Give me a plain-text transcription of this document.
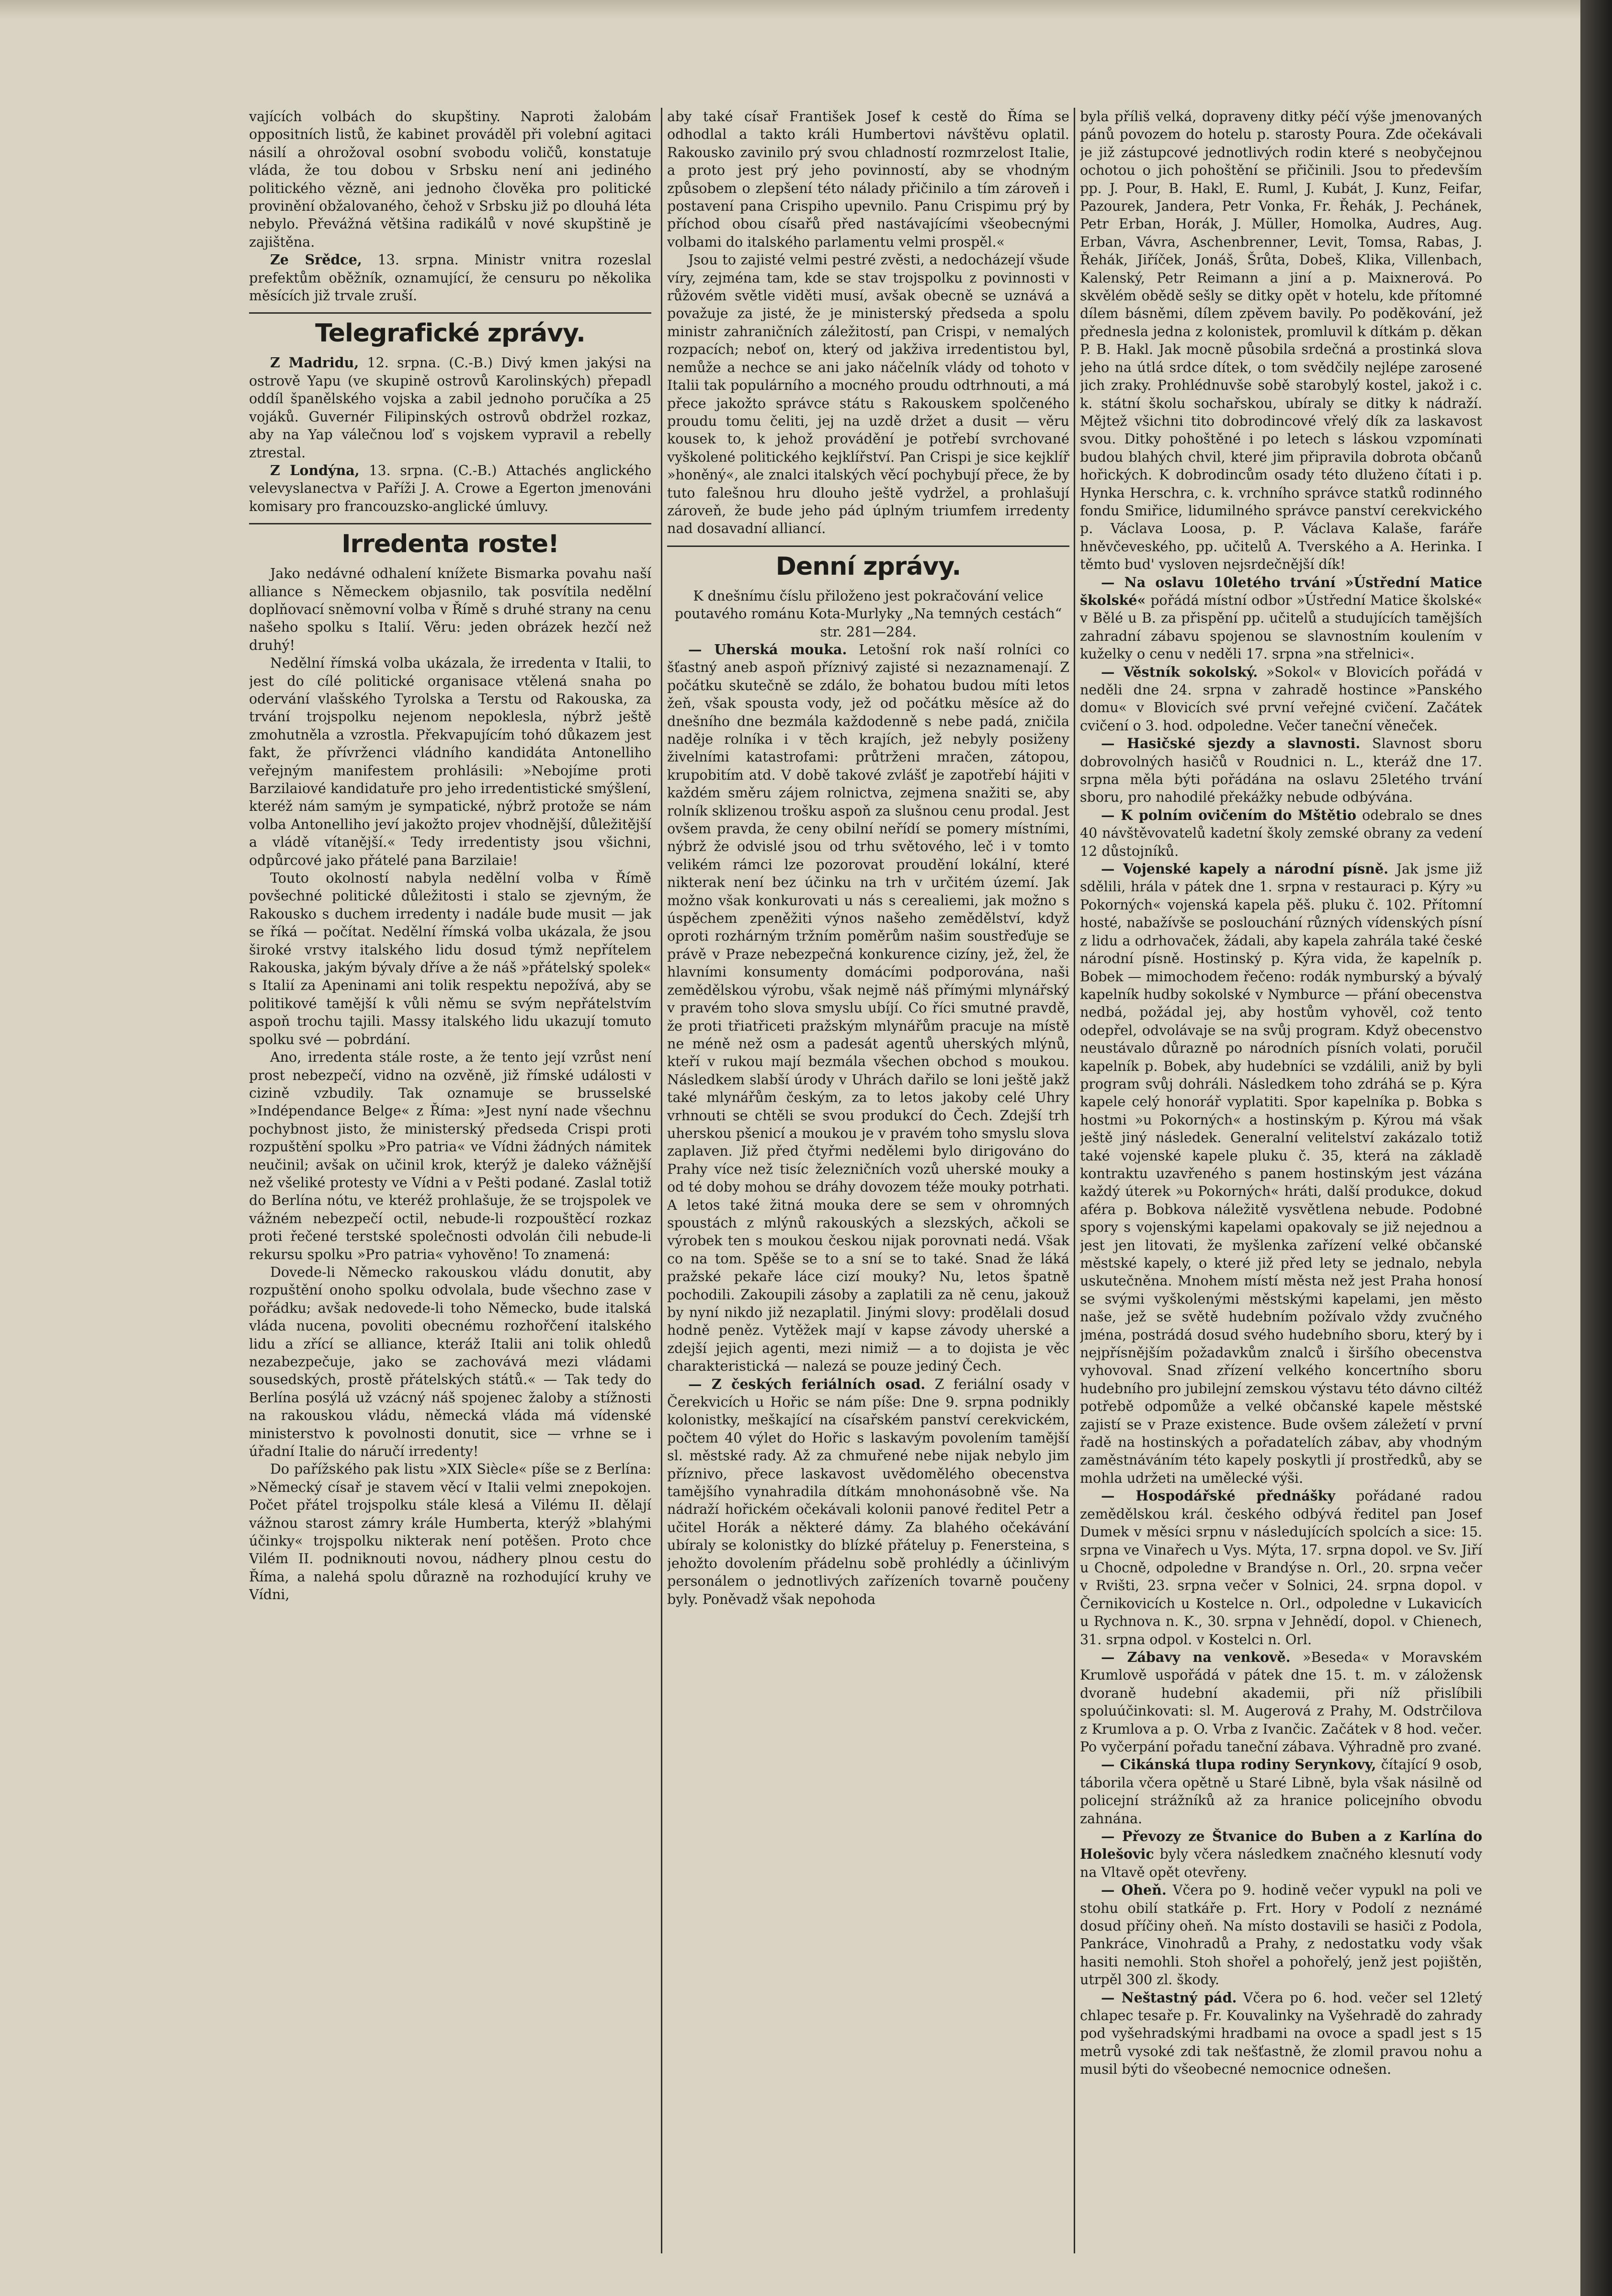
vajících volbách do skupštiny. Naproti žalobám oppositních listů, že kabinet prováděl při volební agitaci násilí a ohrožoval osobní svobodu voličů, konstatuje vláda, že tou dobou v Srbsku není ani jediného politického vězně, ani jednoho člověka pro politické provinění obžalovaného, čehož v Srbsku již po dlouhá léta nebylo. Převážná většina radikálů v nové skupštině je zajištěna.

Ze Srědce, 13. srpna. Ministr vnitra rozeslal prefektům oběžník, oznamující, že censuru po několika měsících již trvale zruší.

Telegrafické zprávy.

Z Madridu, 12. srpna. (C.-B.) Divý kmen jakýsi na ostrově Yapu (ve skupině ostrovů Karolinských) přepadl oddíl španělského vojska a zabil jednoho poručíka a 25 vojáků. Guvernér Filipinských ostrovů obdržel rozkaz, aby na Yap válečnou loď s vojskem vypravil a rebelly ztrestal.

Z Londýna, 13. srpna. (C.-B.) Attachés anglického velevyslanectva v Paříži J. A. Crowe a Egerton jmenováni komisary pro francouzsko-anglické úmluvy.

Irredenta roste!

Jako nedávné odhalení knížete Bismarka povahu naší alliance s Německem objasnilo, tak posvítila nedělní doplňovací sněmovní volba v Římě s druhé strany na cenu našeho spolku s Italií. Věru: jeden obrázek hezčí než druhý!

Nedělní římská volba ukázala, že irredenta v Italii, to jest do cílé politické organisace vtělená snaha po odervání vlašského Tyrolska a Terstu od Rakouska, za trvání trojspolku nejenom nepoklesla, nýbrž ještě zmohutněla a vzrostla. Překvapujícím tohó důkazem jest fakt, že přívrženci vládního kandidáta Antonelliho veřejným manifestem prohlásili: »Nebojíme proti Barzilaiové kandidatuře pro jeho irredentistické smýšlení, kteréž nám samým je sympatické, nýbrž protože se nám volba Antonelliho jeví jakožto projev vhodnější, důležitější a vládě vítanější.« Tedy irredentisty jsou všichni, odpůrcové jako přátelé pana Barzilaie!

Touto okolností nabyla nedělní volba v Římě povšechné politické důležitosti i stalo se zjevným, že Rakousko s duchem irredenty i nadále bude musit — jak se říká — počítat. Nedělní římská volba ukázala, že jsou široké vrstvy italského lidu dosud týmž nepřítelem Rakouska, jakým bývaly dříve a že náš »přátelský spolek« s Italií za Apeninami ani tolik respektu nepožívá, aby se politikové tamější k vůli němu se svým nepřátelstvím aspoň trochu tajili. Massy italského lidu ukazují tomuto spolku své — pobrdání.

Ano, irredenta stále roste, a že tento její vzrůst není prost nebezpečí, vidno na ozvěně, již římské události v cizině vzbudily. Tak oznamuje se brusselské »Indépendance Belge« z Říma: »Jest nyní nade všechnu pochybnost jisto, že ministerský předseda Crispi proti rozpuštění spolku »Pro patria« ve Vídni žádných námitek neučinil; avšak on učinil krok, kterýž je daleko vážnější než všeliké protesty ve Vídni a v Pešti podané. Zaslal totiž do Berlína nótu, ve kteréž prohlašuje, že se trojspolek ve vážném nebezpečí octil, nebude-li rozpouštěcí rozkaz proti řečené terstské společnosti odvolán čili nebude-li rekursu spolku »Pro patria« vyhověno! To znamená:

Dovede-li Německo rakouskou vládu donutit, aby rozpuštění onoho spolku odvolala, bude všechno zase v pořádku; avšak nedovede-li toho Německo, bude italská vláda nucena, povoliti obecnému rozhořčení italského lidu a zřící se alliance, kteráž Italii ani tolik ohledů nezabezpečuje, jako se zachovává mezi vládami sousedských, prostě přátelských států.« — Tak tedy do Berlína posýlá už vzácný náš spojenec žaloby a stížnosti na rakouskou vládu, německá vláda má vídenské ministerstvo k povolnosti donutit, sice — vrhne se i úřadní Italie do náručí irredenty!

Do pařížského pak listu »XIX Siècle« píše se z Berlína: »Německý císař je stavem věcí v Italii velmi znepokojen. Počet přátel trojspolku stále klesá a Vilému II. dělají vážnou starost zámry krále Humberta, kterýž »blahými účinky« trojspolku nikterak není potěšen. Proto chce Vilém II. podniknouti novou, nádhery plnou cestu do Říma, a nalehá spolu důrazně na rozhodující kruhy ve Vídni,

aby také císař František Josef k cestě do Říma se odhodlal a takto králi Humbertovi návštěvu oplatil. Rakousko zavinilo prý svou chladností rozmrzelost Italie, a proto jest prý jeho povinností, aby se vhodným způsobem o zlepšení této nálady přičinilo a tím zároveň i postavení pana Crispiho upevnilo. Panu Crispimu prý by příchod obou císařů před nastávajícími všeobecnými volbami do italského parlamentu velmi prospěl.«

Jsou to zajisté velmi pestré zvěsti, a nedocházejí všude víry, zejména tam, kde se stav trojspolku z povinnosti v růžovém světle viděti musí, avšak obecně se uznává a považuje za jisté, že je ministerský předseda a spolu ministr zahraničních záležitostí, pan Crispi, v nemalých rozpacích; neboť on, který od jakživa irredentistou byl, nemůže a nechce se ani jako náčelník vlády od tohoto v Italii tak populárního a mocného proudu odtrhnouti, a má přece jakožto správce státu s Rakouskem spolčeného proudu tomu čeliti, jej na uzdě držet a dusit — věru kousek to, k jehož provádění je potřebí svrchované vyškolené politického kejklířství. Pan Crispi je sice kejklíř »honěný«, ale znalci italských věcí pochybují přece, že by tuto falešnou hru dlouho ještě vydržel, a prohlašují zároveň, že bude jeho pád úplným triumfem irredenty nad dosavadní alliancí.

Denní zprávy.

K dnešnímu číslu přiloženo jest pokračování velice poutavého románu Kota-Murlyky „Na temných cestách“ str. 281—284.

— Uherská mouka. Letošní rok naší rolníci co šťastný aneb aspoň příznivý zajisté si nezaznamenají. Z počátku skutečně se zdálo, že bohatou budou míti letos žeň, však spousta vody, jež od počátku měsíce až do dnešního dne bezmála každodenně s nebe padá, zničila naděje rolníka i v těch krajích, jež nebyly posiženy živelními katastrofami: průtrženi mračen, zátopou, krupobitím atd. V době takové zvlášť je zapotřebí hájiti v každém směru zájem rolnictva, zejmena snažiti se, aby rolník sklizenou trošku aspoň za slušnou cenu prodal. Jest ovšem pravda, že ceny obilní neřídí se pomery místními, nýbrž že odvislé jsou od trhu světového, leč i v tomto velikém rámci lze pozorovat proudění lokální, které nikterak není bez účinku na trh v určitém území. Jak možno však konkurovati u nás s cerealiemi, jak možno s úspěchem zpeněžiti výnos našeho zemědělství, když oproti rozhárným tržním poměrům našim soustřeďuje se právě v Praze nebezpečná konkurence cizíny, jež, žel, že hlavními konsumenty domácími podporována, naši zemědělskou výrobu, však nejmě náš přímými mlynářský v pravém toho slova smyslu ubíjí. Co říci smutné pravdě, že proti třiatřiceti pražským mlynářům pracuje na místě ne méně než osm a padesát agentů uherských mlýnů, kteří v rukou mají bezmála všechen obchod s moukou. Následkem slabší úrody v Uhrách dařilo se loni ještě jakž také mlynářům českým, za to letos jakoby celé Uhry vrhnouti se chtěli se svou produkcí do Čech. Zdejší trh uherskou pšenicí a moukou je v pravém toho smyslu slova zaplaven. Již před čtyřmi nedělemi bylo dirigováno do Prahy více než tisíc železničních vozů uherské mouky a od té doby mohou se dráhy dovozem téže mouky potrhati. A letos také žitná mouka dere se sem v ohromných spoustách z mlýnů rakouských a slezských, ačkoli se výrobek ten s moukou českou nijak porovnati nedá. Však co na tom. Spěše se to a sní se to také. Snad že láká pražské pekaře láce cizí mouky? Nu, letos špatně pochodili. Zakoupili zásoby a zaplatili za ně cenu, jakouž by nyní nikdo již nezaplatil. Jinými slovy: prodělali dosud hodně peněz. Vytěžek mají v kapse závody uherské a zdejší jejich agenti, mezi nimiž — a to dojista je věc charakteristická — nalezá se pouze jediný Čech.

— Z českých feriálních osad. Z feriální osady v Čerekvicích u Hořic se nám píše: Dne 9. srpna podnikly kolonistky, meškající na císařském panství cerekvickém, počtem 40 výlet do Hořic s laskavým povolením tamější sl. městské rady. Až za chmuřené nebe nijak nebylo jim příznivo, přece laskavost uvědomělého obecenstva tamějšího vynahradila dítkám mnohonásobně vše. Na nádraží hořickém očekávali kolonii panové ředitel Petr a učitel Horák a některé dámy. Za blahého očekávání ubíraly se kolonistky do blízké přáteluy p. Fenersteina, s jehožto dovolením přádelnu sobě prohlédly a účinlivým personálem o jednotlivých zařízeních tovarně poučeny byly. Poněvadž však nepohoda

byla příliš velká, dopraveny ditky péčí výše jmenovaných pánů povozem do hotelu p. starosty Poura. Zde očekávali je již zástupcové jednotlivých rodin které s neobyčejnou ochotou o jich pohoštění se přičinili. Jsou to především pp. J. Pour, B. Hakl, E. Ruml, J. Kubát, J. Kunz, Feifar, Pazourek, Jandera, Petr Vonka, Fr. Řehák, J. Pechánek, Petr Erban, Horák, J. Müller, Homolka, Audres, Aug. Erban, Vávra, Aschenbrenner, Levit, Tomsa, Rabas, J. Řehák, Jiříček, Jonáš, Šrůta, Dobeš, Klika, Villenbach, Kalenský, Petr Reimann a jiní a p. Maixnerová. Po skvělém obědě sešly se ditky opět v hotelu, kde přítomné dílem básněmi, dílem zpěvem bavily. Po poděkování, jež přednesla jedna z kolonistek, promluvil k dítkám p. děkan P. B. Hakl. Jak mocně působila srdečná a prostinká slova jeho na útlá srdce dítek, o tom svědčily nejlépe zarosené jich zraky. Prohlédnuvše sobě starobylý kostel, jakož i c. k. státní školu sochařskou, ubíraly se ditky k nádraží. Mějtež všichni tito dobrodincové vřelý dík za laskavost svou. Ditky pohoštěné i po letech s láskou vzpomínati budou blahých chvil, které jim připravila dobrota občanů hořických. K dobrodincům osady této dluženo čítati i p. Hynka Herschra, c. k. vrchního správce statků rodinného fondu Smiřice, lidumilného správce panství cerekvického p. Václava Loosa, p. P. Václava Kalaše, faráře hněvčeveského, pp. učitelů A. Tverského a A. Herinka. I těmto bud' vysloven nejsrdečnější dík!

— Na oslavu 10letého trvání »Ústřední Matice školské« pořádá místní odbor »Ústřední Matice školské« v Bělé u B. za přispění pp. učitelů a studujících tamějších zahradní zábavu spojenou se slavnostním koulením v kuželky o cenu v neděli 17. srpna »na střelnici«.

— Věstník sokolský. »Sokol« v Blovicích pořádá v neděli dne 24. srpna v zahradě hostince »Panského domu« v Blovicích své první veřejné cvičení. Začátek cvičení o 3. hod. odpoledne. Večer taneční věneček.

— Hasičské sjezdy a slavnosti. Slavnost sboru dobrovolných hasičů v Roudnici n. L., kteráž dne 17. srpna měla býti pořádána na oslavu 25letého trvání sboru, pro nahodilé překážky nebude odbývána.

— K polním ovičením do Mštětio odebralo se dnes 40 návštěvovatelů kadetní školy zemské obrany za vedení 12 důstojníků.

— Vojenské kapely a národní písně. Jak jsme již sdělili, hrála v pátek dne 1. srpna v restauraci p. Kýry »u Pokorných« vojenská kapela pěš. pluku č. 102. Přítomní hosté, nabažívše se poslouchání různých vídenských písní z lidu a odrhovaček, žádali, aby kapela zahrála také české národní písně. Hostinský p. Kýra vida, že kapelník p. Bobek — mimochodem řečeno: rodák nymburský a bývalý kapelník hudby sokolské v Nymburce — přání obecenstva nedbá, požádal jej, aby hostům vyhověl, což tento odepřel, odvolávaje se na svůj program. Když obecenstvo neustávalo důrazně po národních písních volati, poručil kapelník p. Bobek, aby hudebníci se vzdálili, aniž by byli program svůj dohráli. Následkem toho zdráhá se p. Kýra kapele celý honorář vyplatiti. Spor kapelníka p. Bobka s hostmi »u Pokorných« a hostinským p. Kýrou má však ještě jiný následek. Generalní velitelství zakázalo totiž také vojenské kapele pluku č. 35, která na základě kontraktu uzavřeného s panem hostinským jest vázána každý úterek »u Pokorných« hráti, další produkce, dokud aféra p. Bobkova náležitě vysvětlena nebude. Podobné spory s vojenskými kapelami opakovaly se již nejednou a jest jen litovati, že myšlenka zařízení velké občanské městské kapely, o které již před lety se jednalo, nebyla uskutečněna. Mnohem místí města než jest Praha honosí se svými vyškolenými městskými kapelami, jen město naše, jež se světě hudebním požívalo vždy zvučného jména, postrádá dosud svého hudebního sboru, který by i nejpřísnějším požadavkům znalců i širšího obecenstva vyhovoval. Snad zřízení velkého koncertního sboru hudebního pro jubilejní zemskou výstavu této dávno ciltéž potřebě odpomůže a velké občanské kapele městské zajistí se v Praze existence. Bude ovšem záležetí v první řadě na hostinských a pořadatelích zábav, aby vhodným zaměstnáváním této kapely poskytli jí prostředků, aby se mohla udržeti na umělecké výši.

— Hospodářské přednášky pořádané radou zemědělskou král. českého odbývá ředitel pan Josef Dumek v měsíci srpnu v následujících spolcích a sice: 15. srpna ve Vinařech u Vys. Mýta, 17. srpna dopol. ve Sv. Jiří u Chocně, odpoledne v Brandýse n. Orl., 20. srpna večer v Rvišti, 23. srpna večer v Solnici, 24. srpna dopol. v Černikovicích u Kostelce n. Orl., odpoledne v Lukavicích u Rychnova n. K., 30. srpna v Jehnědí, dopol. v Chienech, 31. srpna odpol. v Kostelci n. Orl.

— Zábavy na venkově. »Beseda« v Moravském Krumlově uspořádá v pátek dne 15. t. m. v záložensk dvoraně hudební akademii, při níž přislíbili spoluúčinkovati: sl. M. Augerová z Prahy, M. Odstrčilova z Krumlova a p. O. Vrba z Ivančic. Začátek v 8 hod. večer. Po vyčerpání pořadu taneční zábava. Výhradně pro zvané.

— Cikánská tlupa rodiny Serynkovy, čítající 9 osob, táborila včera opětně u Staré Libně, byla však násilně od policejní strážníků až za hranice policejního obvodu zahnána.

— Převozy ze Štvanice do Buben a z Karlína do Holešovic byly včera následkem značného klesnutí vody na Vltavě opět otevřeny.

— Oheň. Včera po 9. hodině večer vypukl na poli ve stohu obilí statkáře p. Frt. Hory v Podolí z neznámé dosud příčiny oheň. Na místo dostavili se hasiči z Podola, Pankráce, Vinohradů a Prahy, z nedostatku vody však hasiti nemohli. Stoh shořel a pohořelý, jenž jest pojištěn, utrpěl 300 zl. škody.

— Neštastný pád. Včera po 6. hod. večer sel 12letý chlapec tesaře p. Fr. Kouvalinky na Vyšehradě do zahrady pod vyšehradskými hradbami na ovoce a spadl jest s 15 metrů vysoké zdi tak nešťastně, že zlomil pravou nohu a musil býti do všeobecné nemocnice odnešen.
